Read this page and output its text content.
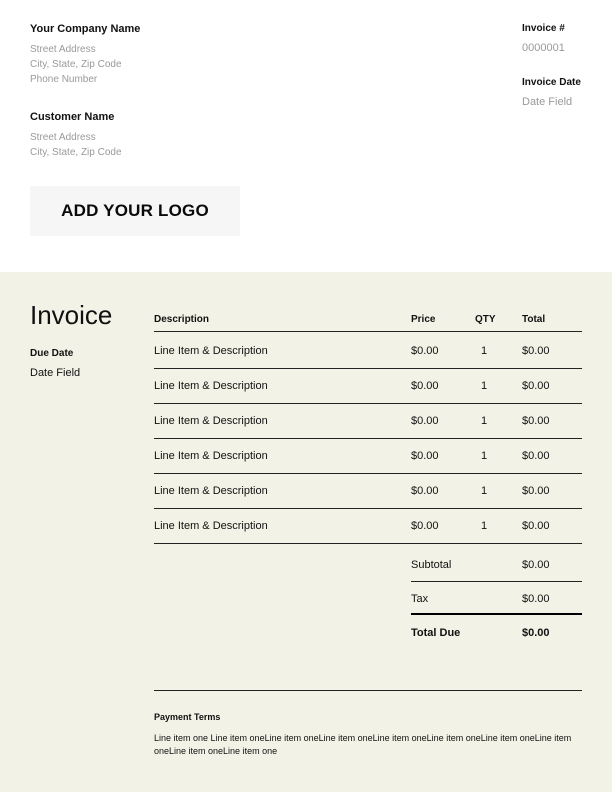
Your Company Name
Street Address
City, State, Zip Code
Phone Number
Customer Name
Street Address
City, State, Zip Code
ADD YOUR LOGO
Invoice #
0000001
Invoice Date
Date Field
Invoice
Due Date
Date Field
Description	Price	QTY	Total
Line Item & Description	$0.00	1	$0.00
Line Item & Description	$0.00	1	$0.00
Line Item & Description	$0.00	1	$0.00
Line Item & Description	$0.00	1	$0.00
Line Item & Description	$0.00	1	$0.00
Line Item & Description	$0.00	1	$0.00
Subtotal	$0.00
Tax	$0.00
Total Due	$0.00
Payment Terms
Line item one Line item oneLine item oneLine item oneLine item oneLine item oneLine item oneLine item oneLine item oneLine item one
